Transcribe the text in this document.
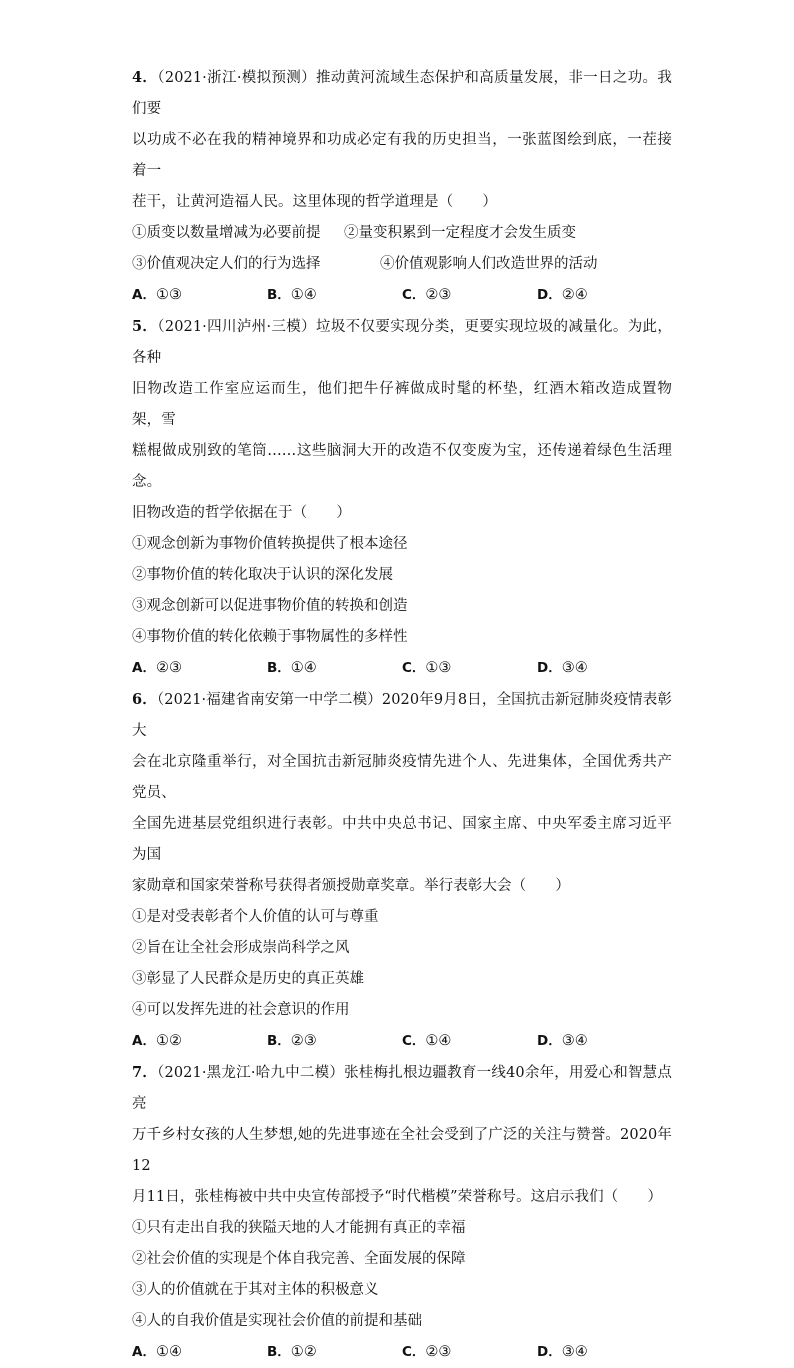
4．（2021·浙江·模拟预测）推动黄河流域生态保护和高质量发展，非一日之功。我们要
以功成不必在我的精神境界和功成必定有我的历史担当，一张蓝图绘到底，一茬接着一
茬干，让黄河造福人民。这里体现的哲学道理是（　　）

①质变以数量增减为必要前提	②量变积累到一定程度才会发生质变
③价值观决定人们的行为选择	④价值观影响人们改造世界的活动
A．①③	B．①④	C．②③	D．②④

5．（2021·四川泸州·三模）垃圾不仅要实现分类，更要实现垃圾的减量化。为此，各种
旧物改造工作室应运而生，他们把牛仔裤做成时髦的杯垫，红酒木箱改造成置物架，雪
糕棍做成别致的笔筒……这些脑洞大开的改造不仅变废为宝，还传递着绿色生活理念。
旧物改造的哲学依据在于（　　）

①观念创新为事物价值转换提供了根本途径
②事物价值的转化取决于认识的深化发展
③观念创新可以促进事物价值的转换和创造
④事物价值的转化依赖于事物属性的多样性
A．②③	B．①④	C．①③	D．③④

6．（2021·福建省南安第一中学二模）2020年9月8日，全国抗击新冠肺炎疫情表彰大
会在北京隆重举行，对全国抗击新冠肺炎疫情先进个人、先进集体，全国优秀共产党员、
全国先进基层党组织进行表彰。中共中央总书记、国家主席、中央军委主席习近平为国
家勋章和国家荣誉称号获得者颁授勋章奖章。举行表彰大会（　　）

①是对受表彰者个人价值的认可与尊重
②旨在让全社会形成崇尚科学之风
③彰显了人民群众是历史的真正英雄
④可以发挥先进的社会意识的作用
A．①②	B．②③	C．①④	D．③④

7．（2021·黑龙江·哈九中二模）张桂梅扎根边疆教育一线40余年，用爱心和智慧点亮
万千乡村女孩的人生梦想,她的先进事迹在全社会受到了广泛的关注与赞誉。2020年12
月11日，张桂梅被中共中央宣传部授予“时代楷模”荣誉称号。这启示我们（　　）

①只有走出自我的狭隘天地的人才能拥有真正的幸福
②社会价值的实现是个体自我完善、全面发展的保障
③人的价值就在于其对主体的积极意义
④人的自我价值是实现社会价值的前提和基础
A．①④	B．①②	C．②③	D．③④
